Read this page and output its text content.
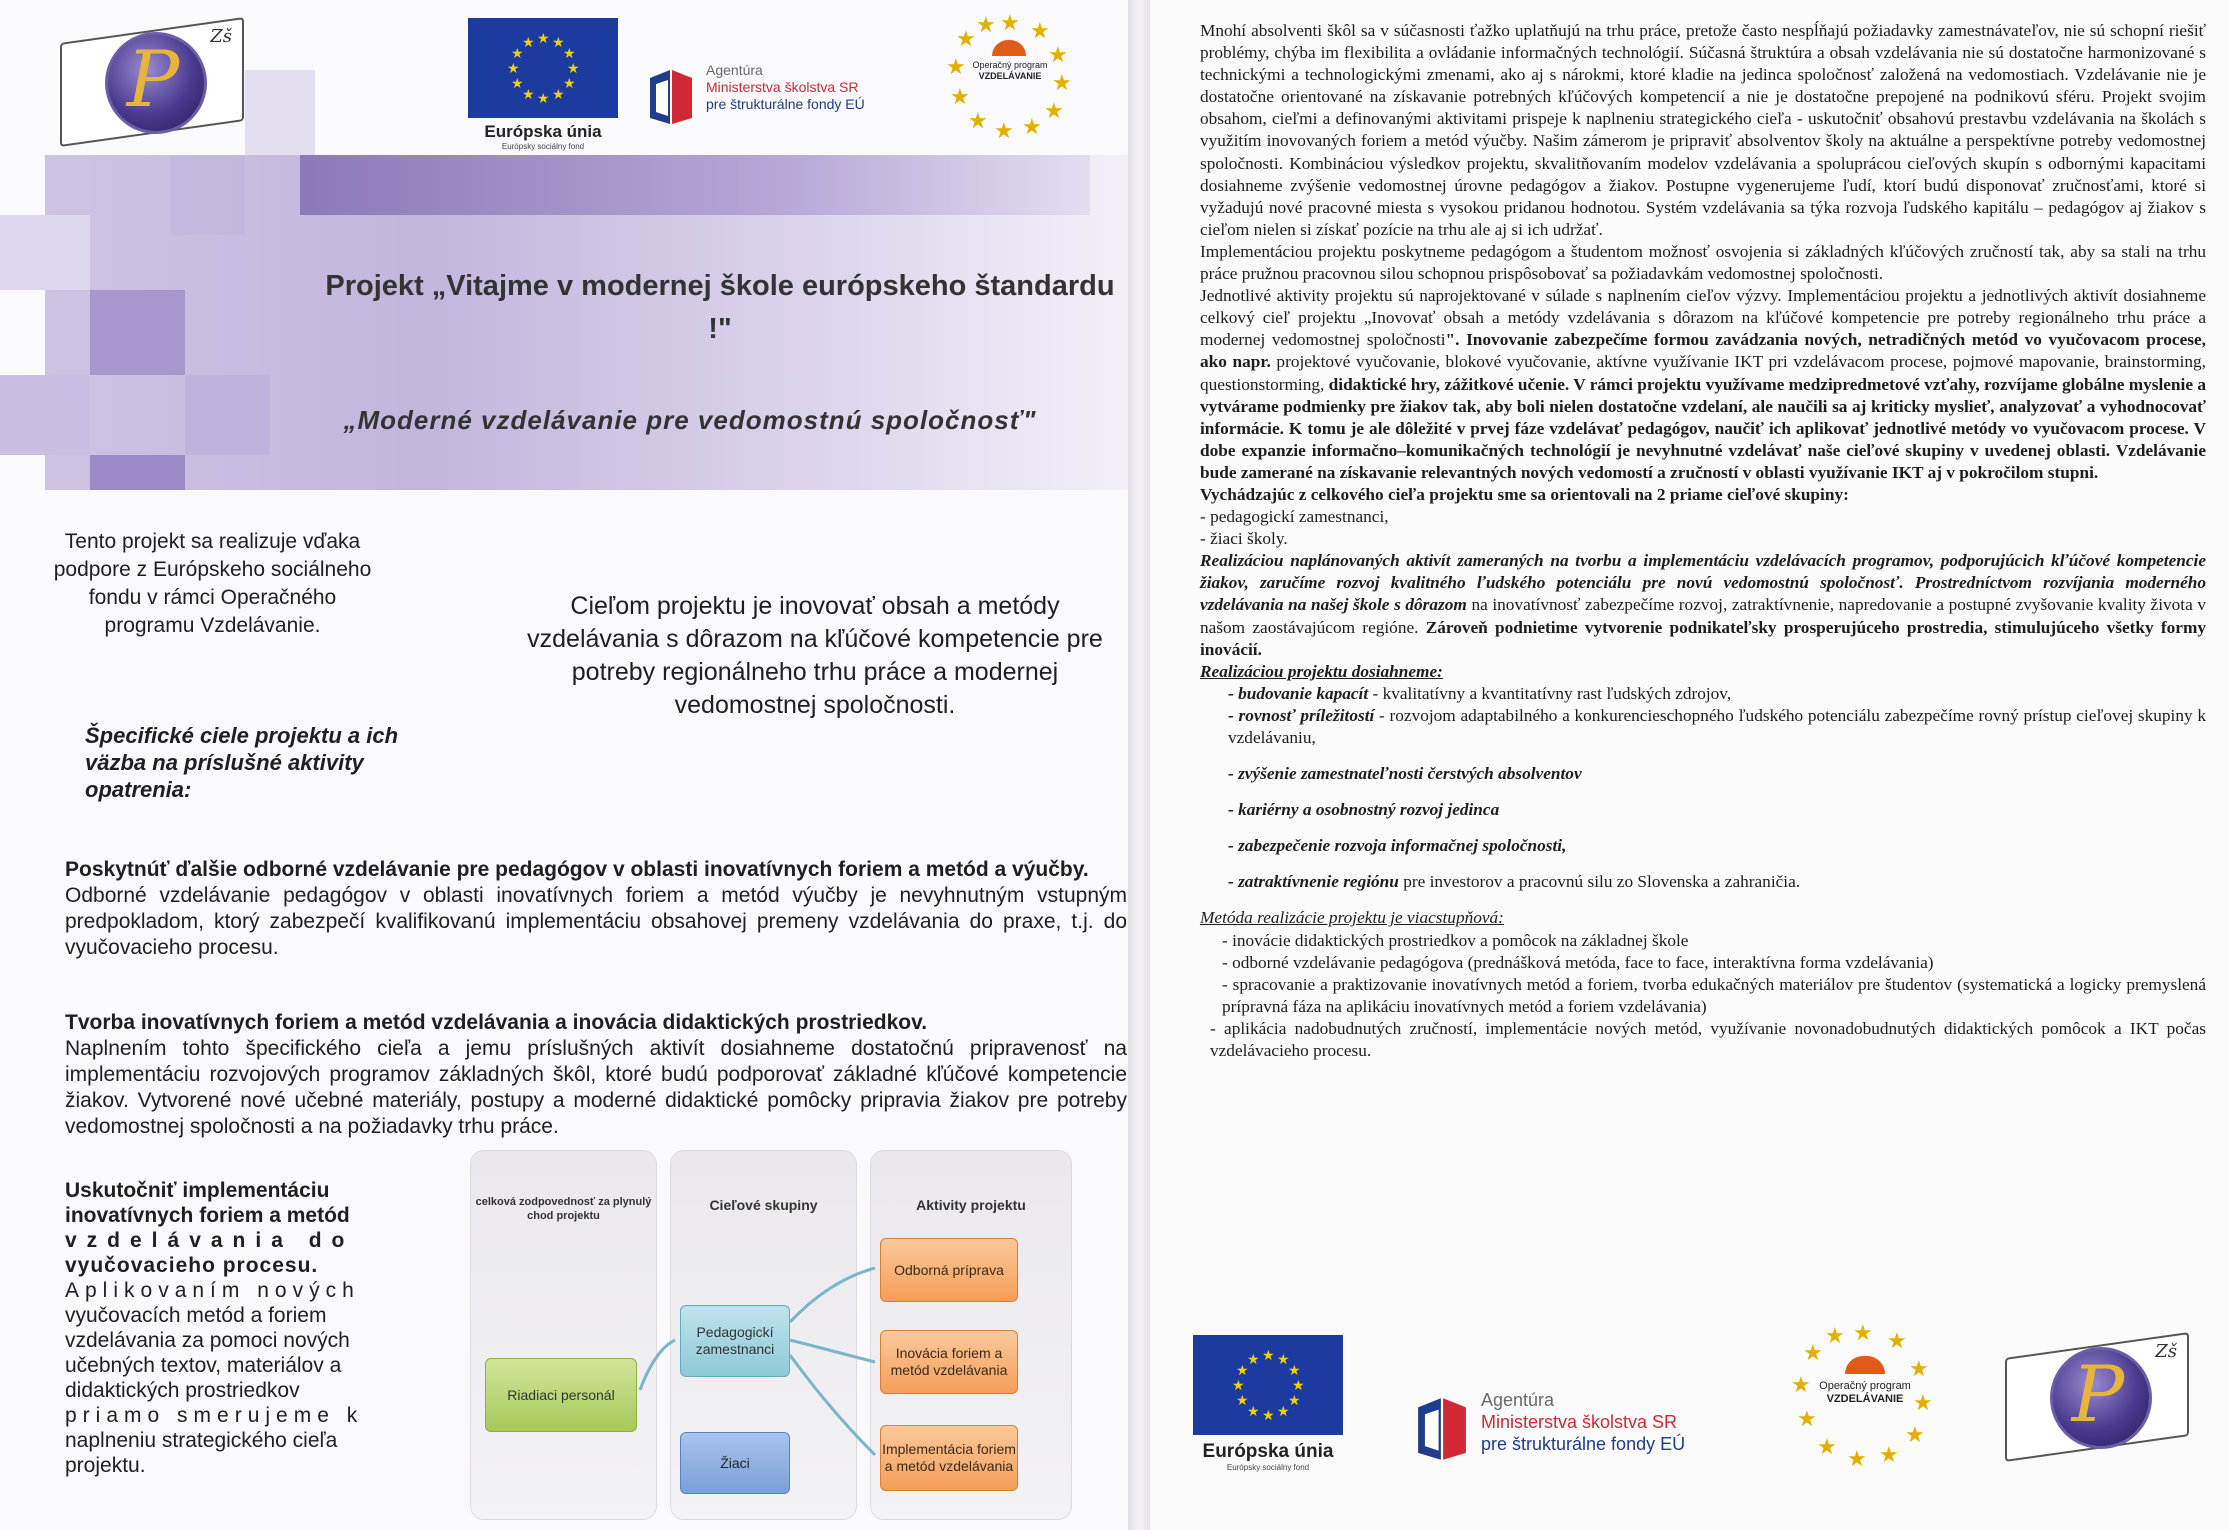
P	Zš	★ ★
★
★
★
★
★
★
★
★
★
★
Európska únia
Európsky sociálny fond
Agentúra
Ministerstva školstva SR
pre štrukturálne fondy EÚ
★ ★
★
★
★
★
★
★
★
★
★
★
Operačný program
VZDELÁVANIE
Projekt „Vitajme v modernej škole európskeho štandardu !"
„Moderné vzdelávanie pre vedomostnú spoločnosť"
Tento projekt sa realizuje vďaka podpore z Európskeho sociálneho fondu v rámci Operačného programu Vzdelávanie.
Cieľom projektu je inovovať obsah a metódy vzdelávania s dôrazom na kľúčové kompetencie pre potreby regionálneho trhu práce a modernej vedomostnej spoločnosti.
Špecifické ciele projektu a ich väzba na príslušné aktivity opatrenia:
Poskytnúť ďalšie odborné vzdelávanie pre pedagógov v oblasti inovatívnych foriem a metód a výučby.
Odborné vzdelávanie pedagógov v oblasti inovatívnych foriem a metód výučby je nevyhnutným vstupným predpokladom, ktorý zabezpečí kvalifikovanú implementáciu obsahovej premeny vzdelávania do praxe, t.j. do vyučovacieho procesu.
Tvorba inovatívnych foriem a metód vzdelávania a inovácia didaktických prostriedkov.
Naplnením tohto špecifického cieľa a jemu príslušných aktivít dosiahneme dostatočnú pripravenosť na implementáciu rozvojových programov základných škôl, ktoré budú podporovať základné kľúčové kompetencie žiakov. Vytvorené nové učebné materiály, postupy a moderné didaktické pomôcky pripravia žiakov pre potreby vedomostnej spoločnosti a na požiadavky trhu práce.
Uskutočniť implementáciu inovatívnych foriem a metód
vzdelávania do
vyučovacieho procesu.
Aplikovaním nových
vyučovacích metód a foriem vzdelávania za pomoci nových učebných textov, materiálov a didaktických prostriedkov
priamo smerujeme k
naplneniu strategického cieľa projektu.
celková zodpovednosť za plynulý chod projektu
Cieľové skupiny	Aktivity projektu
Riadiaci personál
Pedagogickí zamestnanci
Žiaci
Odborná príprava
Inovácia foriem a metód vzdelávania
Implementácia foriem a metód vzdelávania

Mnohí absolventi škôl sa v súčasnosti ťažko uplatňujú na trhu práce, pretože často nespĺňajú požiadavky zamestnávateľov, nie sú schopní riešiť problémy, chýba im flexibilita a ovládanie informačných technológií. Súčasná štruktúra a obsah vzdelávania nie sú dostatočne harmonizované s technickými a technologickými zmenami, ako aj s nárokmi, ktoré kladie na jedinca spoločnosť založená na vedomostiach. Vzdelávanie nie je dostatočne orientované na získavanie potrebných kľúčových kompetencií a nie je dostatočne prepojené na podnikovú sféru. Projekt svojim obsahom, cieľmi a definovanými aktivitami prispeje k naplneniu strategického cieľa - uskutočniť obsahovú prestavbu vzdelávania na školách s využitím inovovaných foriem a metód výučby. Našim zámerom je pripraviť absolventov školy na aktuálne a perspektívne potreby vedomostnej spoločnosti. Kombináciou výsledkov projektu, skvalitňovaním modelov vzdelávania a spoluprácou cieľových skupín s odbornými kapacitami dosiahneme zvýšenie vedomostnej úrovne pedagógov a žiakov. Postupne vygenerujeme ľudí, ktorí budú disponovať zručnosťami, ktoré si vyžadujú nové pracovné miesta s vysokou pridanou hodnotou. Systém vzdelávania sa týka rozvoja ľudského kapitálu – pedagógov aj žiakov s cieľom nielen si získať pozície na trhu ale aj si ich udržať.

Implementáciou projektu poskytneme pedagógom a študentom možnosť osvojenia si základných kľúčových zručností tak, aby sa stali na trhu práce pružnou pracovnou silou schopnou prispôsobovať sa požiadavkám vedomostnej spoločnosti.

Jednotlivé aktivity projektu sú naprojektované v súlade s naplnením cieľov výzvy. Implementáciou projektu a jednotlivých aktivít dosiahneme celkový cieľ projektu „Inovovať obsah a metódy vzdelávania s dôrazom na kľúčové kompetencie pre potreby regionálneho trhu práce a modernej vedomostnej spoločnosti". Inovovanie zabezpečíme formou zavádzania nových, netradičných metód vo vyučovacom procese, ako napr. projektové vyučovanie, blokové vyučovanie, aktívne využívanie IKT pri vzdelávacom procese, pojmové mapovanie, brainstorming, questionstorming, didaktické hry, zážitkové učenie. V rámci projektu využívame medzipredmetové vzťahy, rozvíjame globálne myslenie a vytvárame podmienky pre žiakov tak, aby boli nielen dostatočne vzdelaní, ale naučili sa aj kriticky myslieť, analyzovať a vyhodnocovať informácie. K tomu je ale dôležité v prvej fáze vzdelávať pedagógov, naučiť ich aplikovať jednotlivé metódy vo vyučovacom procese. V dobe expanzie informačno–komunikačných technológií je nevyhnutné vzdelávať naše cieľové skupiny v uvedenej oblasti. Vzdelávanie bude zamerané na získavanie relevantných nových vedomostí a zručností v oblasti využívanie IKT aj v pokročilom stupni.

Vychádzajúc z celkového cieľa projektu sme sa orientovali na 2 priame cieľové skupiny:

- pedagogickí zamestnanci,

- žiaci školy.

Realizáciou naplánovaných aktivít zameraných na tvorbu a implementáciu vzdelávacích programov, podporujúcich kľúčové kompetencie žiakov, zaručíme rozvoj kvalitného ľudského potenciálu pre novú vedomostnú spoločnosť. Prostredníctvom rozvíjania moderného vzdelávania na našej škole s dôrazom na inovatívnosť zabezpečíme rozvoj, zatraktívnenie, napredovanie a postupné zvyšovanie kvality života v našom zaostávajúcom regióne. Zároveň podnietime vytvorenie podnikateľsky prosperujúceho prostredia, stimulujúceho všetky formy inovácií.

Realizáciou projektu dosiahneme:

- budovanie kapacít - kvalitatívny a kvantitatívny rast ľudských zdrojov,
- rovnosť príležitostí - rozvojom adaptabilného a konkurencieschopného ľudského potenciálu zabezpečíme rovný prístup cieľovej skupiny k vzdelávaniu,
- zvýšenie zamestnateľnosti čerstvých absolventov
- kariérny a osobnostný rozvoj jedinca
- zabezpečenie rozvoja informačnej spoločnosti,
- zatraktívnenie regiónu pre investorov a pracovnú silu zo Slovenska a zahraničia.

Metóda realizácie projektu je viacstupňová:

- inovácie didaktických prostriedkov a pomôcok na základnej škole
- odborné vzdelávanie pedagógova (prednášková metóda, face to face, interaktívna forma vzdelávania)
- spracovanie a praktizovanie inovatívnych metód a foriem, tvorba edukačných materiálov pre študentov (systematická a logicky premyslená prípravná fáza na aplikáciu inovatívnych metód a foriem vzdelávania)
- aplikácia nadobudnutých zručností, implementácie nových metód, využívanie novonadobudnutých didaktických pomôcok a IKT počas vzdelávacieho procesu.
★ ★
★
★
★
★
★
★
★
★
★
★
Európska únia
Európsky sociálny fond
Agentúra
Ministerstva školstva SR
pre štrukturálne fondy EÚ
★ ★
★
★
★
★
★
★
★
★
★
★
Operačný program
VZDELÁVANIE P	Zš
